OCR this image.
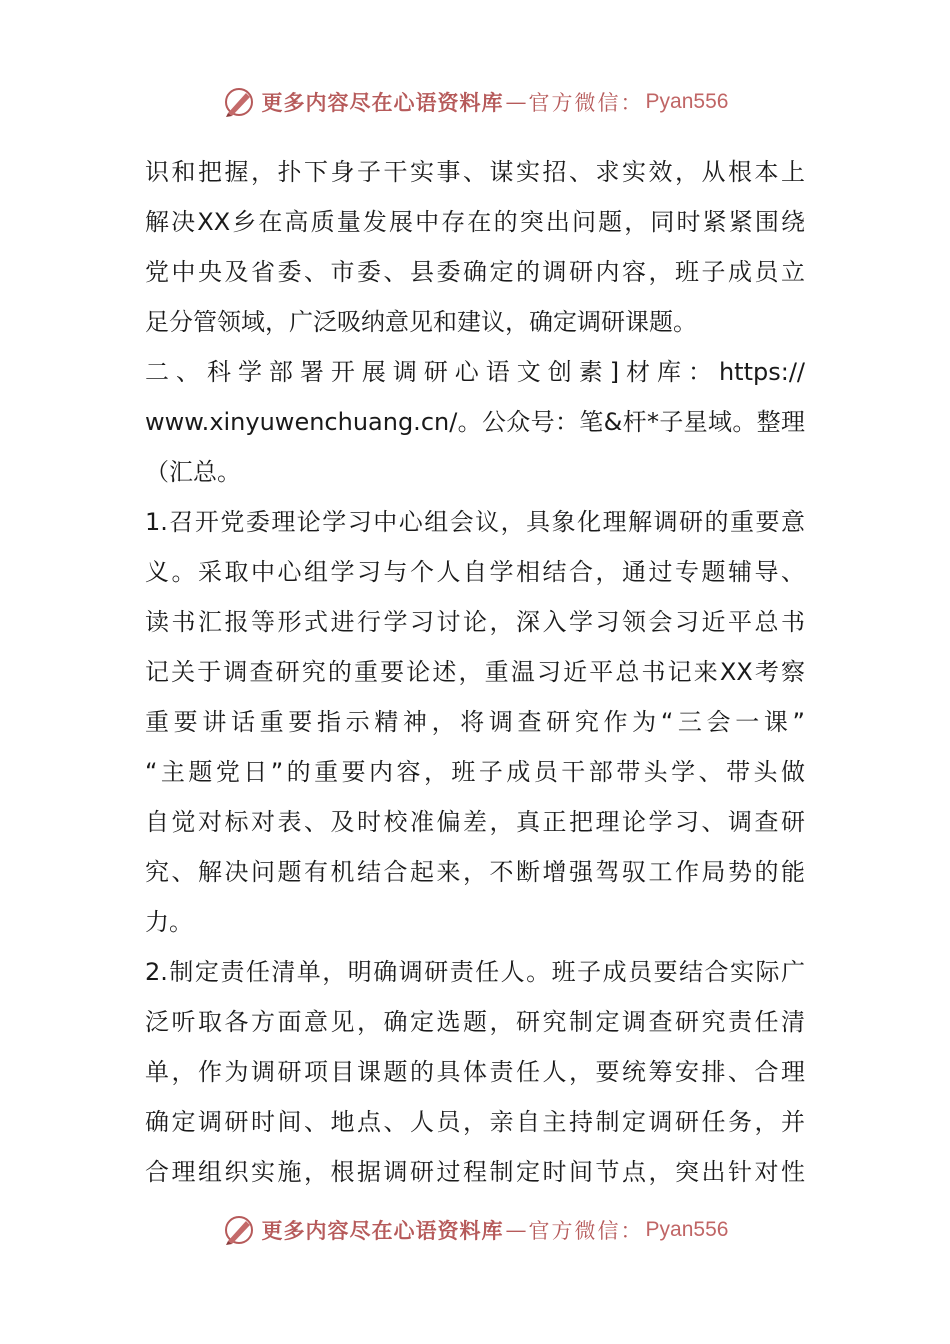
更多内容尽在心语资料库 — 官方微信： Pyan556
识和把握，扑下身子干实事、谋实招、求实效，从根本上
解决XX乡在高质量发展中存在的突出问题，同时紧紧围绕
党中央及省委、市委、县委确定的调研内容，班子成员立
足分管领域，广泛吸纳意见和建议，确定调研课题。
二、科学部署开展调研心语文创素]材库：https://
www.xinyuwenchuang.cn/。公众号：笔&杆*子星域。整理
（汇总。
1.召开党委理论学习中心组会议，具象化理解调研的重要意
义。采取中心组学习与个人自学相结合，通过专题辅导、
读书汇报等形式进行学习讨论，深入学习领会习近平总书
记关于调查研究的重要论述，重温习近平总书记来XX考察
重要讲话重要指示精神，将调查研究作为“三会一课”
“主题党日”的重要内容，班子成员干部带头学、带头做
自觉对标对表、及时校准偏差，真正把理论学习、调查研
究、解决问题有机结合起来，不断增强驾驭工作局势的能
力。
2.制定责任清单，明确调研责任人。班子成员要结合实际广
泛听取各方面意见，确定选题，研究制定调查研究责任清
单，作为调研项目课题的具体责任人，要统筹安排、合理
确定调研时间、地点、人员，亲自主持制定调研任务，并
合理组织实施，根据调研过程制定时间节点，突出针对性
更多内容尽在心语资料库 — 官方微信： Pyan556
